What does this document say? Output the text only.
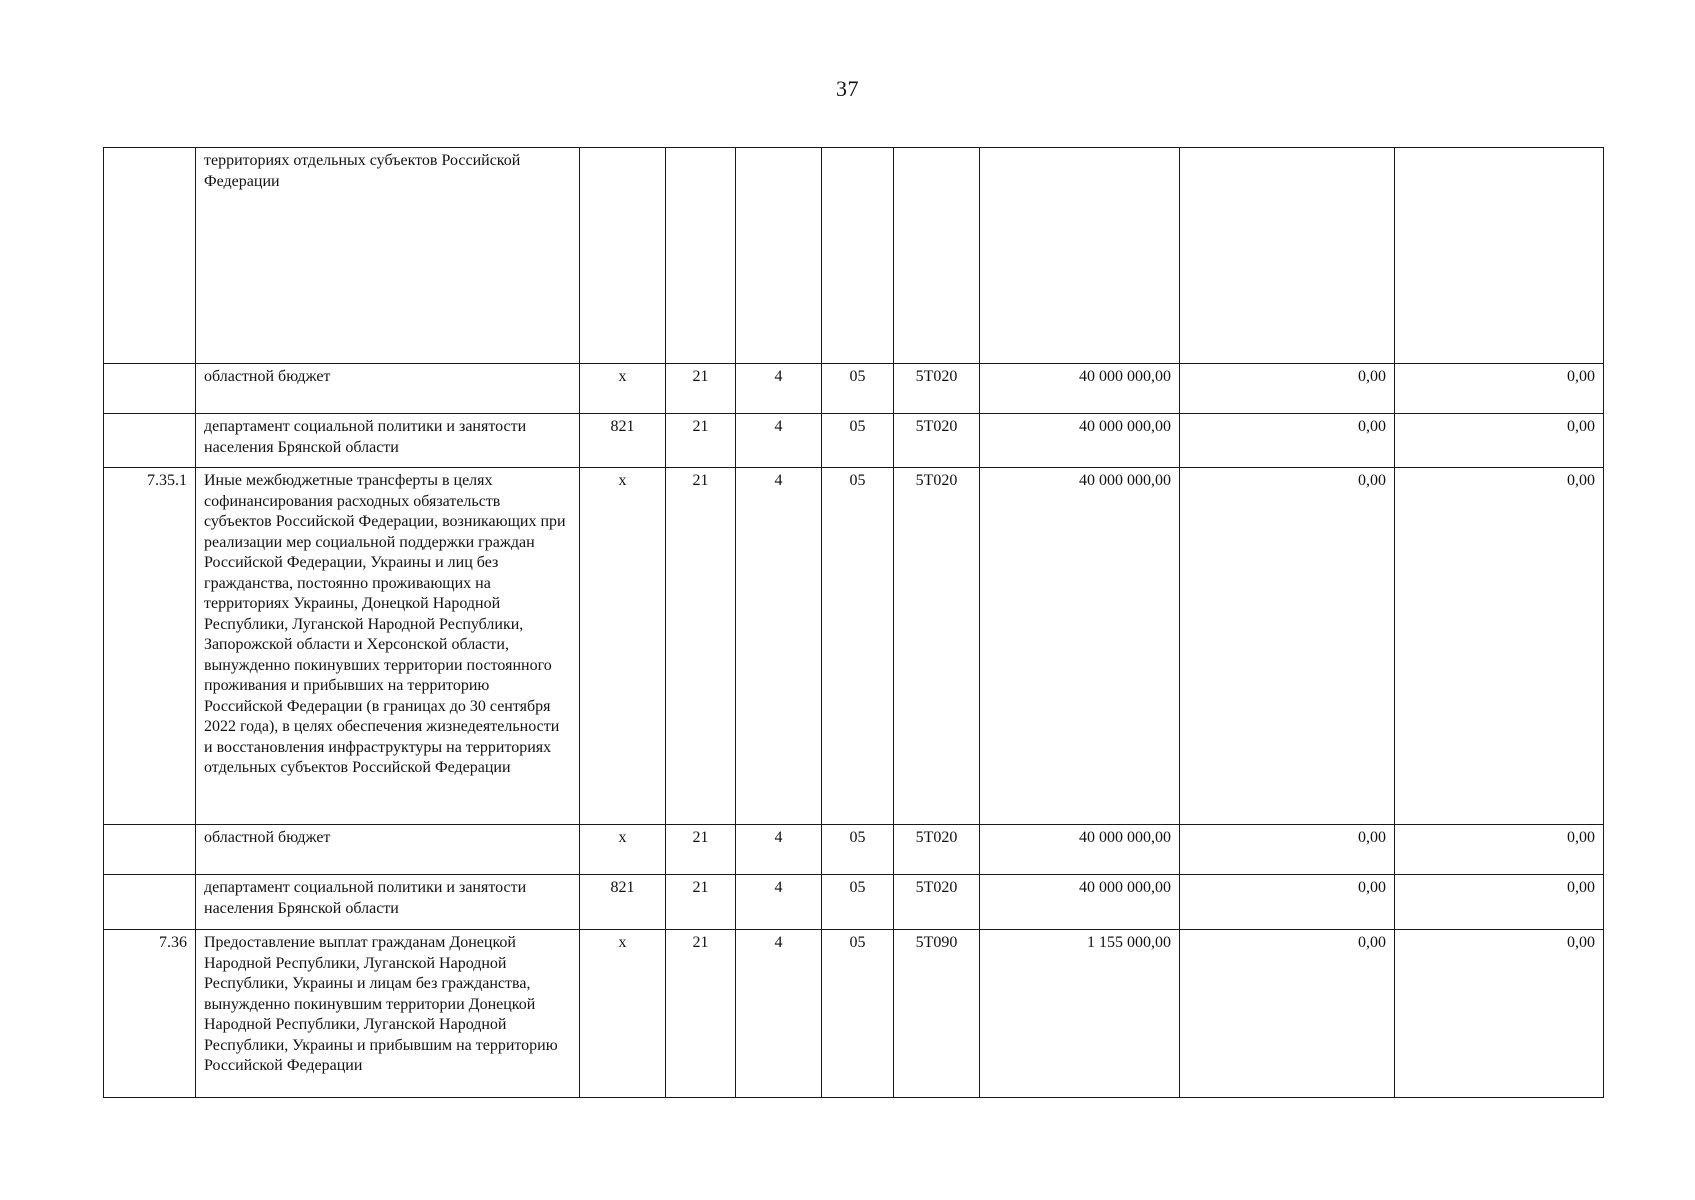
37
	территориях отдельных субъектов Российской Федерации								
	областной бюджет	х	21	4	05	5Т020	40 000 000,00	0,00	0,00
	департамент социальной политики и занятости населения Брянской области	821	21	4	05	5Т020	40 000 000,00	0,00	0,00
7.35.1	Иные межбюджетные трансферты в целях софинансирования расходных обязательств субъектов Российской Федерации, возникающих при реализации мер социальной поддержки граждан Российской Федерации, Украины и лиц без гражданства, постоянно проживающих на территориях Украины, Донецкой Народной Республики, Луганской Народной Республики, Запорожской области и Херсонской области, вынужденно покинувших территории постоянного проживания и прибывших на территорию Российской Федерации (в границах до 30 сентября 2022 года), в целях обеспечения жизнедеятельности и восстановления инфраструктуры на территориях отдельных субъектов Российской Федерации	х	21	4	05	5Т020	40 000 000,00	0,00	0,00
	областной бюджет	х	21	4	05	5Т020	40 000 000,00	0,00	0,00
	департамент социальной политики и занятости населения Брянской области	821	21	4	05	5Т020	40 000 000,00	0,00	0,00
7.36	Предоставление выплат гражданам Донецкой Народной Республики, Луганской Народной Республики, Украины и лицам без гражданства, вынужденно покинувшим территории Донецкой Народной Республики, Луганской Народной Республики, Украины и прибывшим на территорию Российской Федерации	х	21	4	05	5Т090	1 155 000,00	0,00	0,00
